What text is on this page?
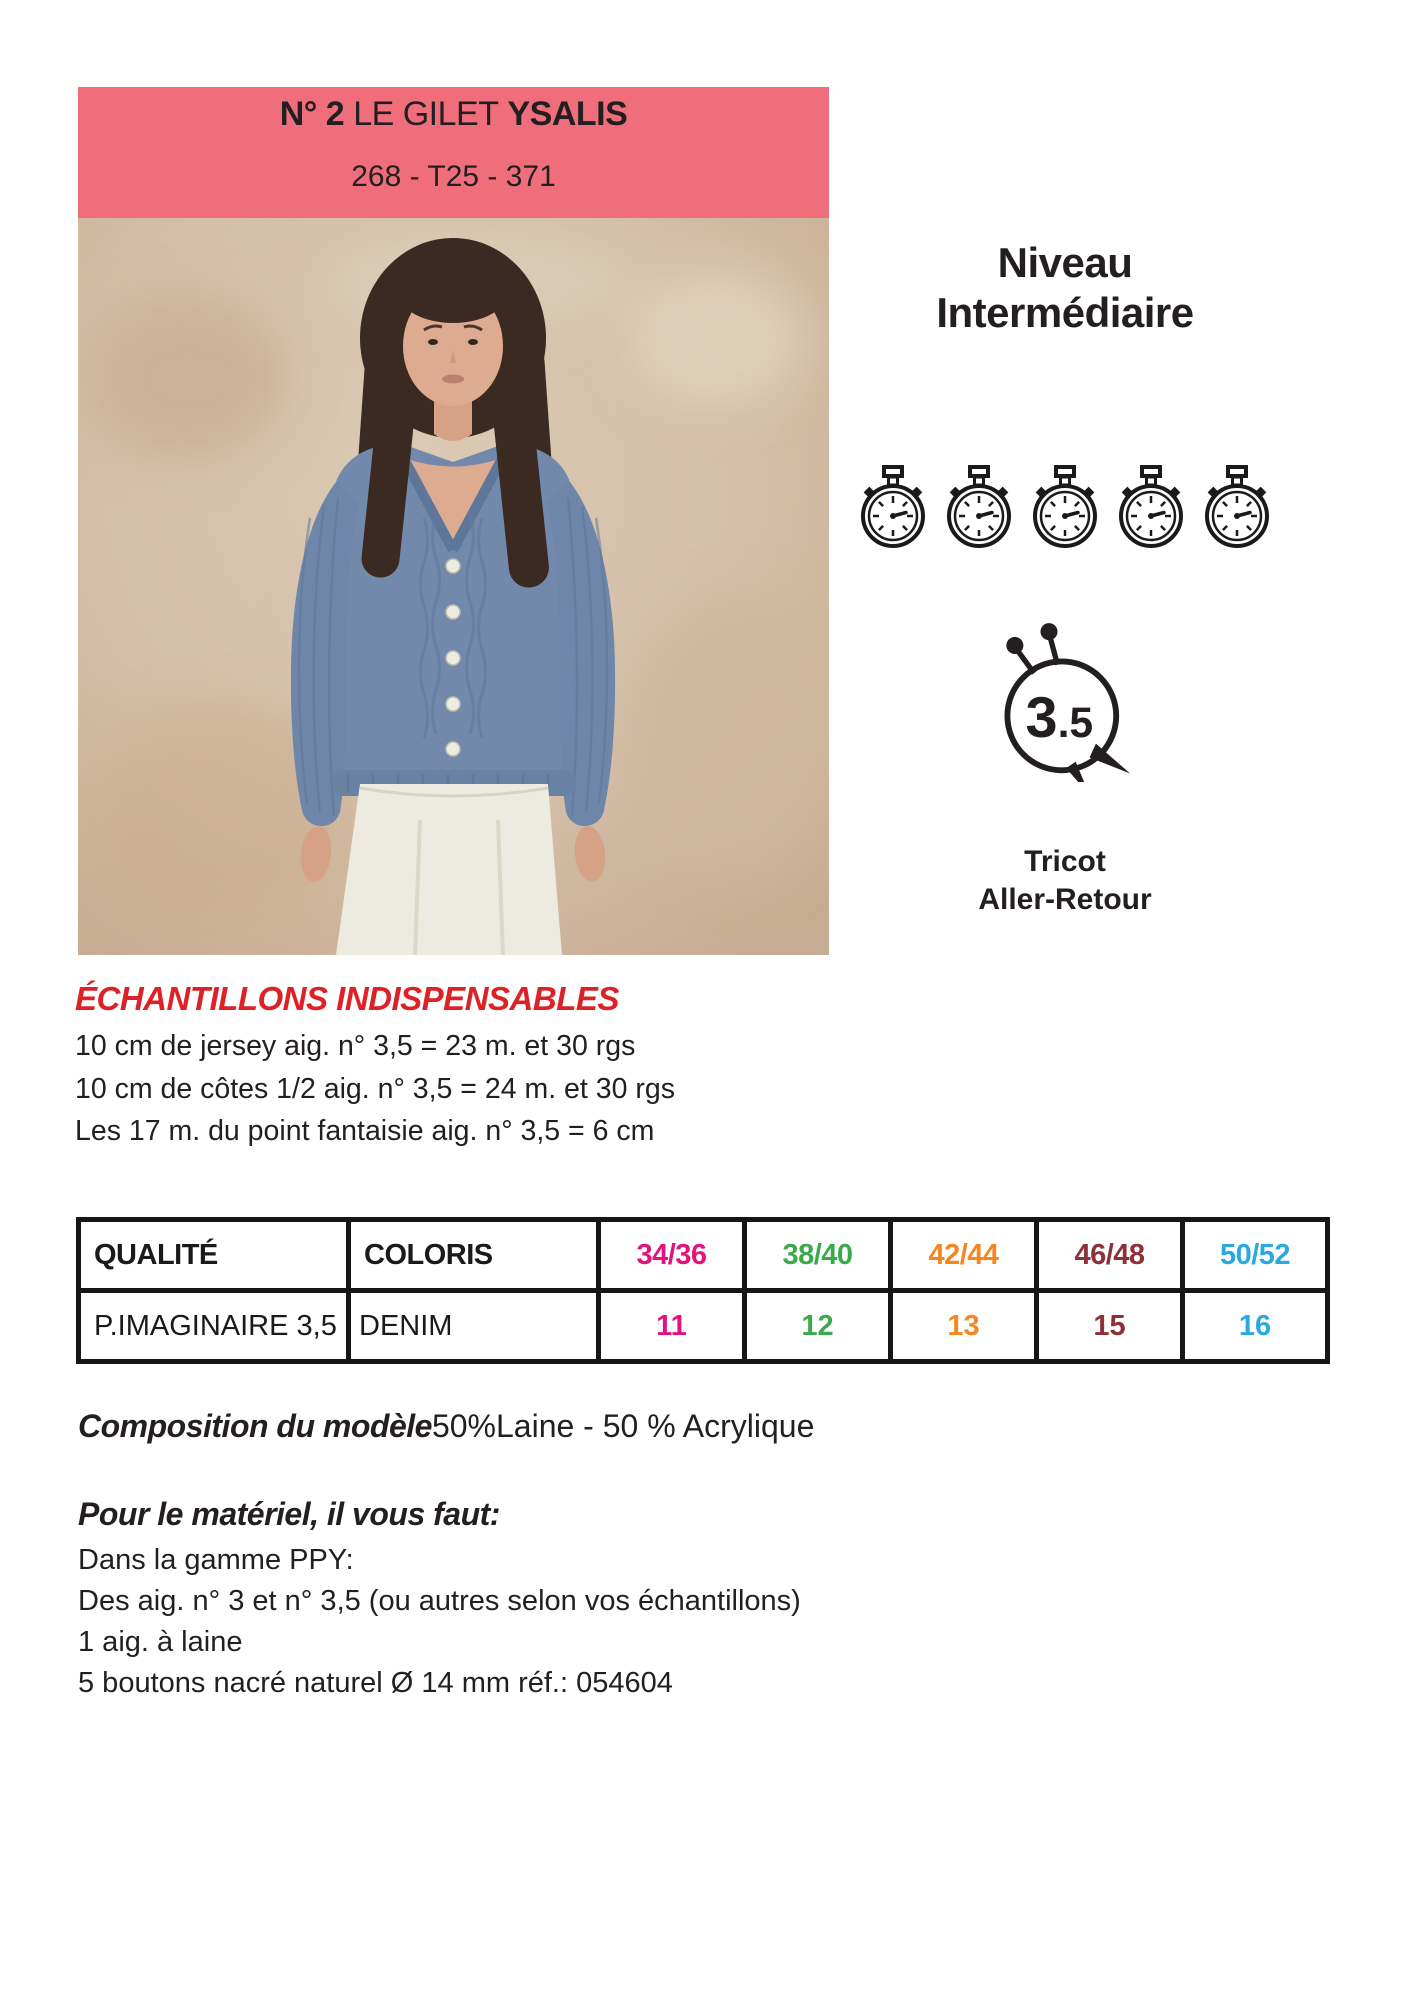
N° 2 LE GILET YSALIS
268 - T25 - 371
Niveau
Intermédiaire
3.5
Tricot
Aller-Retour
ÉCHANTILLONS INDISPENSABLES
10 cm de jersey aig. n° 3,5 = 23 m. et 30 rgs
10 cm de côtes 1/2 aig. n° 3,5 = 24 m. et 30 rgs
Les 17 m. du point fantaisie aig. n° 3,5 = 6 cm
QUALITÉ	COLORIS	34/36	38/40	42/44	46/48	50/52
P.IMAGINAIRE 3,5	DENIM	11	12	13	15	16
Composition du modèle50%Laine - 50 % Acrylique
Pour le matériel, il vous faut:
Dans la gamme PPY:
Des aig. n° 3 et n° 3,5 (ou autres selon vos échantillons)
1 aig. à laine
5 boutons nacré naturel Ø 14 mm réf.: 054604
